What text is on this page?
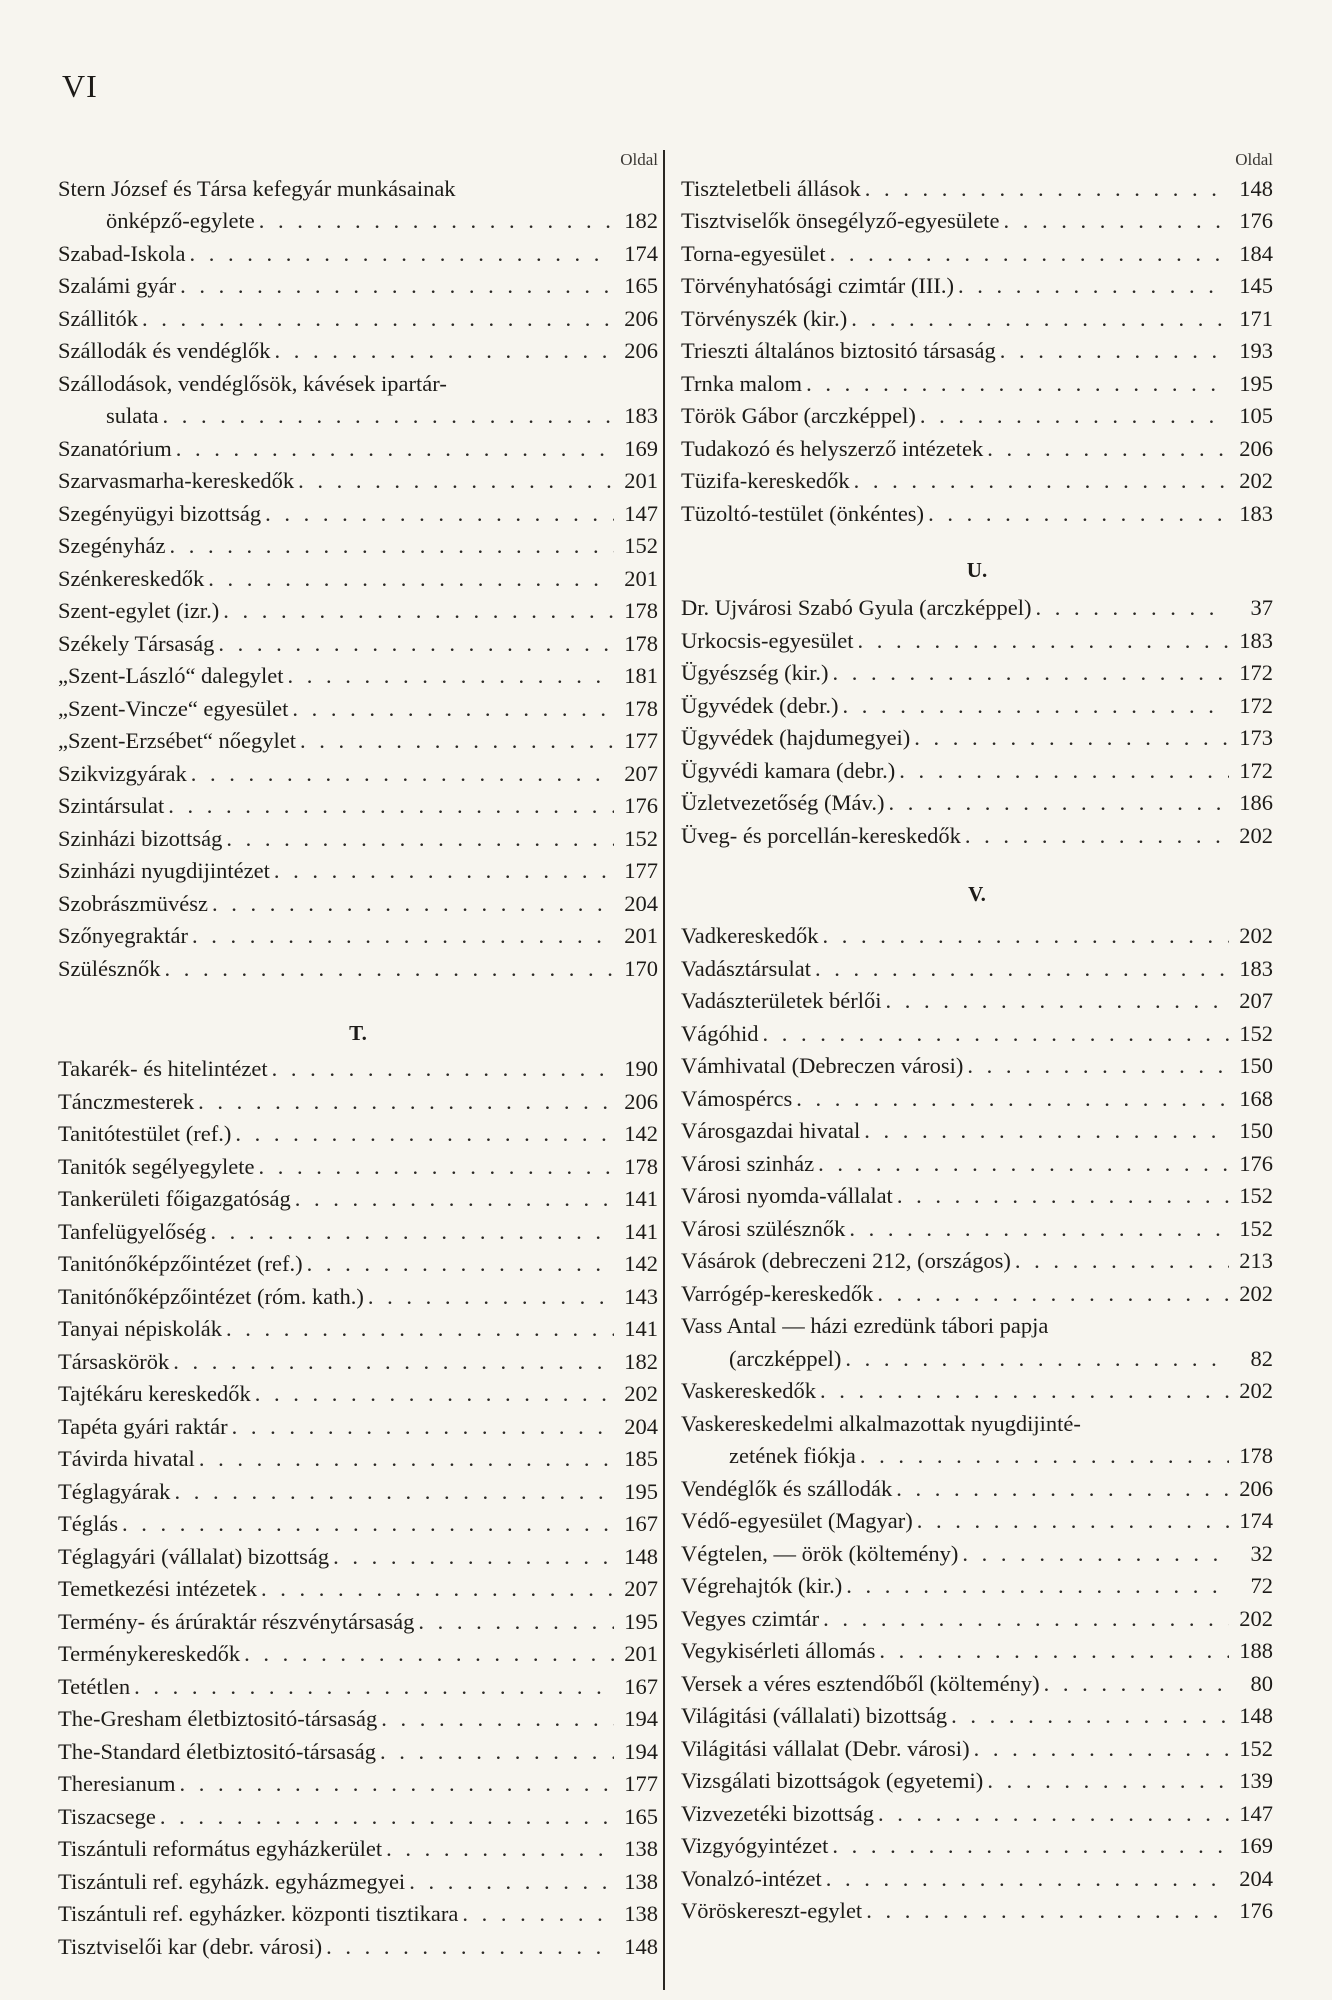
VI
Oldal
Stern József és Társa kefegyár munkásainak
önképző-egylete . . .	182
Szabad-Iskola . . .	174
Szalámi gyár . . .	165
Szállitók . . .	206
Szállodák és vendéglők . . .	206
Szállodások, vendéglősök, kávések ipartár-
sulata . . .	183
Szanatórium . . .	169
Szarvasmarha-kereskedők . . .	201
Szegényügyi bizottság . . .	147
Szegényház . . .	152
Szénkereskedők . . .	201
Szent-egylet (izr.) . . .	178
Székely Társaság . . .	178
„Szent-László“ dalegylet . . .	181
„Szent-Vincze“ egyesület . . .	178
„Szent-Erzsébet“ nőegylet . . .	177
Szikvizgyárak . . .	207
Szintársulat . . .	176
Szinházi bizottság . . .	152
Szinházi nyugdijintézet . . .	177
Szobrászmüvész . . .	204
Szőnyegraktár . . .	201
Szülésznők . . .	170
T.
Takarék- és hitelintézet . . .	190
Tánczmesterek . . .	206
Tanitótestület (ref.) . . .	142
Tanitók segélyegylete . . .	178
Tankerületi főigazgatóság . . .	141
Tanfelügyelőség . . .	141
Tanitónőképzőintézet (ref.) . . .	142
Tanitónőképzőintézet (róm. kath.) . . .	143
Tanyai népiskolák . . .	141
Társaskörök . . .	182
Tajtékáru kereskedők . . .	202
Tapéta gyári raktár . . .	204
Távirda hivatal . . .	185
Téglagyárak . . .	195
Téglás . . .	167
Téglagyári (vállalat) bizottság . . .	148
Temetkezési intézetek . . .	207
Termény- és árúraktár részvénytársaság . . .	195
Terménykereskedők . . .	201
Tetétlen . . .	167
The-Gresham életbiztositó-társaság . . .	194
The-Standard életbiztositó-társaság . . .	194
Theresianum . . .	177
Tiszacsege . . .	165
Tiszántuli református egyházkerület . . .	138
Tiszántuli ref. egyházk. egyházmegyei . . .	138
Tiszántuli ref. egyházker. központi tisztikara . . .	138
Tisztviselői kar (debr. városi) . . .	148
Oldal
Tiszteletbeli állások . . .	148
Tisztviselők önsegélyző-egyesülete . . .	176
Torna-egyesület . . .	184
Törvényhatósági czimtár (III.) . . .	145
Törvényszék (kir.) . . .	171
Trieszti általános biztositó társaság . . .	193
Trnka malom . . .	195
Török Gábor (arczképpel) . . .	105
Tudakozó és helyszerző intézetek . . .	206
Tüzifa-kereskedők . . .	202
Tüzoltó-testület (önkéntes) . . .	183
U.
Dr. Ujvárosi Szabó Gyula (arczképpel) . . .	37
Urkocsis-egyesület . . .	183
Ügyészség (kir.) . . .	172
Ügyvédek (debr.) . . .	172
Ügyvédek (hajdumegyei) . . .	173
Ügyvédi kamara (debr.) . . .	172
Üzletvezetőség (Máv.) . . .	186
Üveg- és porcellán-kereskedők . . .	202
V.
Vadkereskedők . . .	202
Vadásztársulat . . .	183
Vadászterületek bérlői . . .	207
Vágóhid . . .	152
Vámhivatal (Debreczen városi) . . .	150
Vámospércs . . .	168
Városgazdai hivatal . . .	150
Városi szinház . . .	176
Városi nyomda-vállalat . . .	152
Városi szülésznők . . .	152
Vásárok (debreczeni 212, (országos) . . .	213
Varrógép-kereskedők . . .	202
Vass Antal — házi ezredünk tábori papja
(arczképpel) . . .	82
Vaskereskedők . . .	202
Vaskereskedelmi alkalmazottak nyugdijinté-
zetének fiókja . . .	178
Vendéglők és szállodák . . .	206
Védő-egyesület (Magyar) . . .	174
Végtelen, — örök (költemény) . . .	32
Végrehajtók (kir.) . . .	72
Vegyes czimtár . . .	202
Vegykisérleti állomás . . .	188
Versek a véres esztendőből (költemény) . . .	80
Világitási (vállalati) bizottság . . .	148
Világitási vállalat (Debr. városi) . . .	152
Vizsgálati bizottságok (egyetemi) . . .	139
Vizvezetéki bizottság . . .	147
Vizgyógyintézet . . .	169
Vonalzó-intézet . . .	204
Vöröskereszt-egylet . . .	176
